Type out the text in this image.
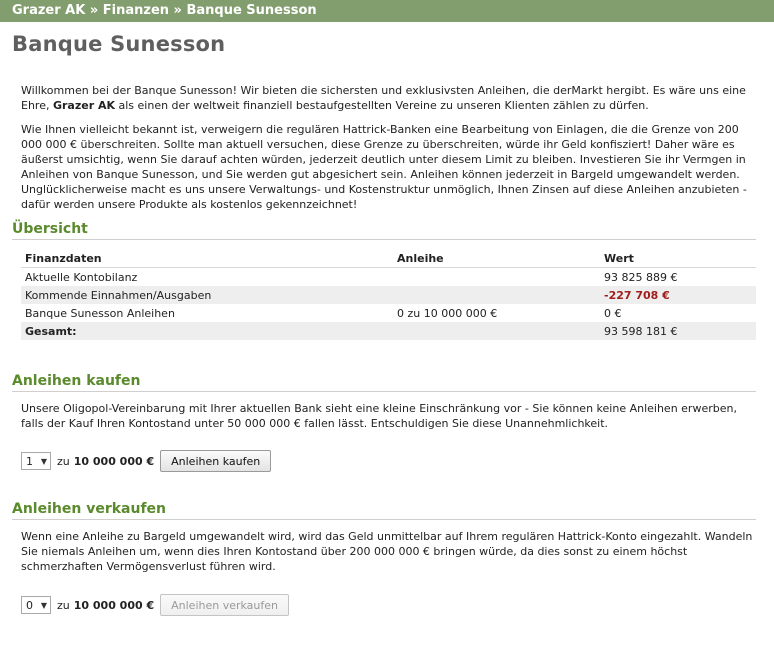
Grazer AK » Finanzen » Banque Sunesson
Banque Sunesson

Willkommen bei der Banque Sunesson! Wir bieten die sichersten und exklusivsten Anleihen, die derMarkt hergibt. Es wäre uns eine Ehre, Grazer AK als einen der weltweit finanziell bestaufgestellten Vereine zu unseren Klienten zählen zu dürfen.

Wie Ihnen vielleicht bekannt ist, verweigern die regulären Hattrick-Banken eine Bearbeitung von Einlagen, die die Grenze von 200 000 000 € überschreiten. Sollte man aktuell versuchen, diese Grenze zu überschreiten, würde ihr Geld konfisziert! Daher wäre es äußerst umsichtig, wenn Sie darauf achten würden, jederzeit deutlich unter diesem Limit zu bleiben. Investieren Sie ihr Vermgen in Anleihen von Banque Sunesson, und Sie werden gut abgesichert sein. Anleihen können jederzeit in Bargeld umgewandelt werden. Unglücklicherweise macht es uns unsere Verwaltungs- und Kostenstruktur unmöglich, Ihnen Zinsen auf diese Anleihen anzubieten - dafür werden unsere Produkte als kostenlos gekennzeichnet!

Übersicht
Finanzdaten	Anleihe	Wert
Aktuelle Kontobilanz		93 825 889 €
Kommende Einnahmen/Ausgaben		-227 708 €
Banque Sunesson Anleihen	0 zu 10 000 000 €	0 €
Gesamt:		93 598 181 €
Anleihen kaufen

Unsere Oligopol-Vereinbarung mit Ihrer aktuellen Bank sieht eine kleine Einschränkung vor - Sie können keine Anleihen erwerben, falls der Kauf Ihren Kontostand unter 50 000 000 € fallen lässt. Entschuldigen Sie diese Unannehmlichkeit.

1 ▼ zu 10 000 000 €	Anleihen kaufen
Anleihen verkaufen

Wenn eine Anleihe zu Bargeld umgewandelt wird, wird das Geld unmittelbar auf Ihrem regulären Hattrick-Konto eingezahlt. Wandeln Sie niemals Anleihen um, wenn dies Ihren Kontostand über 200 000 000 € bringen würde, da dies sonst zu einem höchst schmerzhaften Vermögensverlust führen wird.

0 ▼ zu 10 000 000 €	Anleihen verkaufen
